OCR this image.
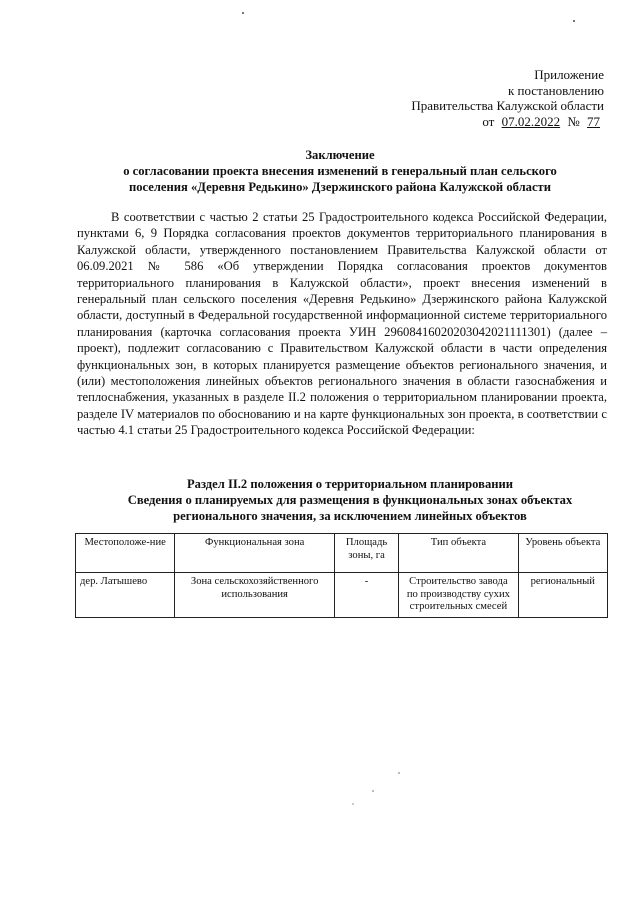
Приложение
к постановлению
Правительства Калужской области
от 07.02.2022 № 77
Заключение
о согласовании проекта внесения изменений в генеральный план сельского
поселения «Деревня Редькино» Дзержинского района Калужской области

В соответствии с частью 2 статьи 25 Градостроительного кодекса Российской Федерации, пунктами 6, 9 Порядка согласования проектов документов территориального планирования в Калужской области, утвержденного постановлением Правительства Калужской области от 06.09.2021 № 586 «Об утверждении Порядка согласования проектов документов территориального планирования в Калужской области», проект внесения изменений в генеральный план сельского поселения «Деревня Редькино» Дзержинского района Калужской области, доступный в Федеральной государственной информационной системе территориального планирования (карточка согласования проекта УИН 29608416020203042021111301) (далее – проект), подлежит согласованию с Правительством Калужской области в части определения функциональных зон, в которых планируется размещение объектов регионального значения, и (или) местоположения линейных объектов регионального значения в области газоснабжения и теплоснабжения, указанных в разделе II.2 положения о территориальном планировании проекта, разделе IV материалов по обоснованию и на карте функциональных зон проекта, в соответствии с частью 4.1 статьи 25 Градостроительного кодекса Российской Федерации:

Раздел II.2 положения о территориальном планировании
Сведения о планируемых для размещения в функциональных зонах объектах
регионального значения, за исключением линейных объектов
Местоположе-ние	Функциональная зона	Площадь зоны, га	Тип объекта	Уровень объекта
дер. Латышево	Зона сельскохозяйственного использования	-	Строительство завода по производству сухих строительных смесей	региональный
